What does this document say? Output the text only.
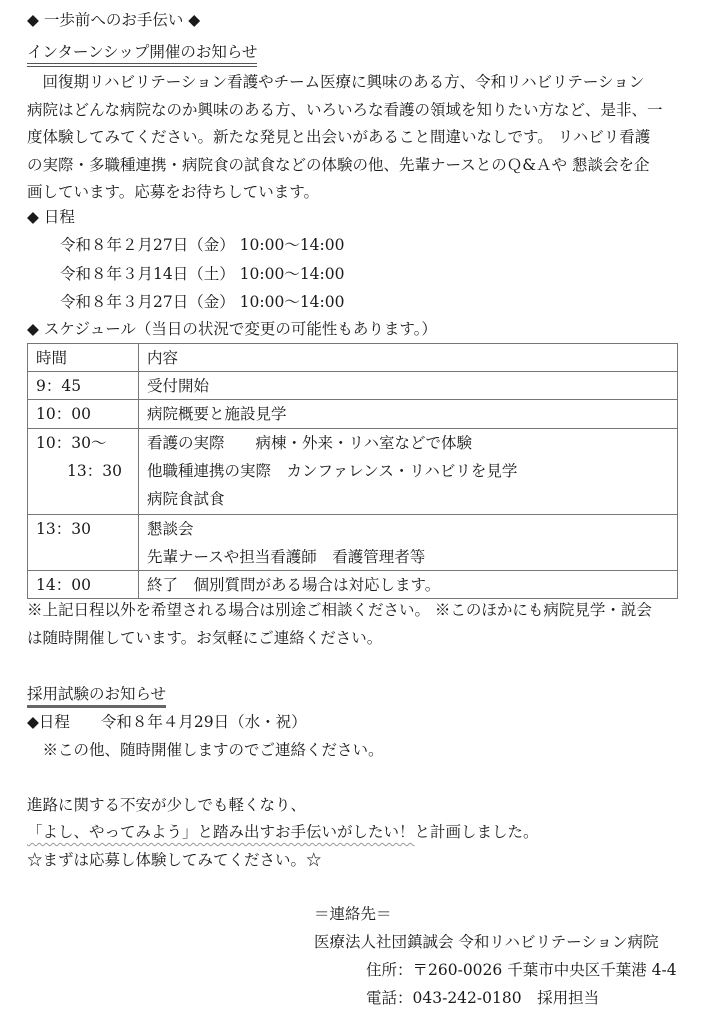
◆ 一歩前へのお手伝い ◆
インターンシップ開催のお知らせ
　回復期リハビリテーション看護やチーム医療に興味のある方、令和リハビリテーション
病院はどんな病院なのか興味のある方、いろいろな看護の領域を知りたい方など、是非、一
度体験してみてください。新たな発見と出会いがあること間違いなしです。 リハビリ看護
の実際・多職種連携・病院食の試食などの体験の他、先輩ナースとのＱ&Ａや 懇談会を企
画しています。応募をお待ちしています。
◆ 日程
令和８年２月27日（金） 10:00～14:00
令和８年３月14日（土） 10:00～14:00
令和８年３月27日（金） 10:00～14:00
◆ スケジュール（当日の状況で変更の可能性もあります。）
時間	内容
9：45	受付開始
10：00	病院概要と施設見学

10：30～
　　13：30	看護の実際　　病棟・外来・リハ室などで体験
他職種連携の実際　カンファレンス・リハビリを見学
病院食試食

13：30	懇談会
先輩ナースや担当看護師　看護管理者等

14：00	終了　個別質問がある場合は対応します。
※上記日程以外を希望される場合は別途ご相談ください。 ※このほかにも病院見学・説会
は随時開催しています。お気軽にご連絡ください。
採用試験のお知らせ
◆日程　　令和８年４月29日（水・祝）
　※この他、随時開催しますのでご連絡ください。
進路に関する不安が少しでも軽くなり、
「よし、やってみよう」と踏み出すお手伝いがしたい！と計画しました。
☆まずは応募し体験してみてください。☆
＝連絡先＝
医療法人社団鎮誠会 令和リハビリテーション病院
住所：〒260-0026 千葉市中央区千葉港 4-4
電話：043-242-0180　採用担当
